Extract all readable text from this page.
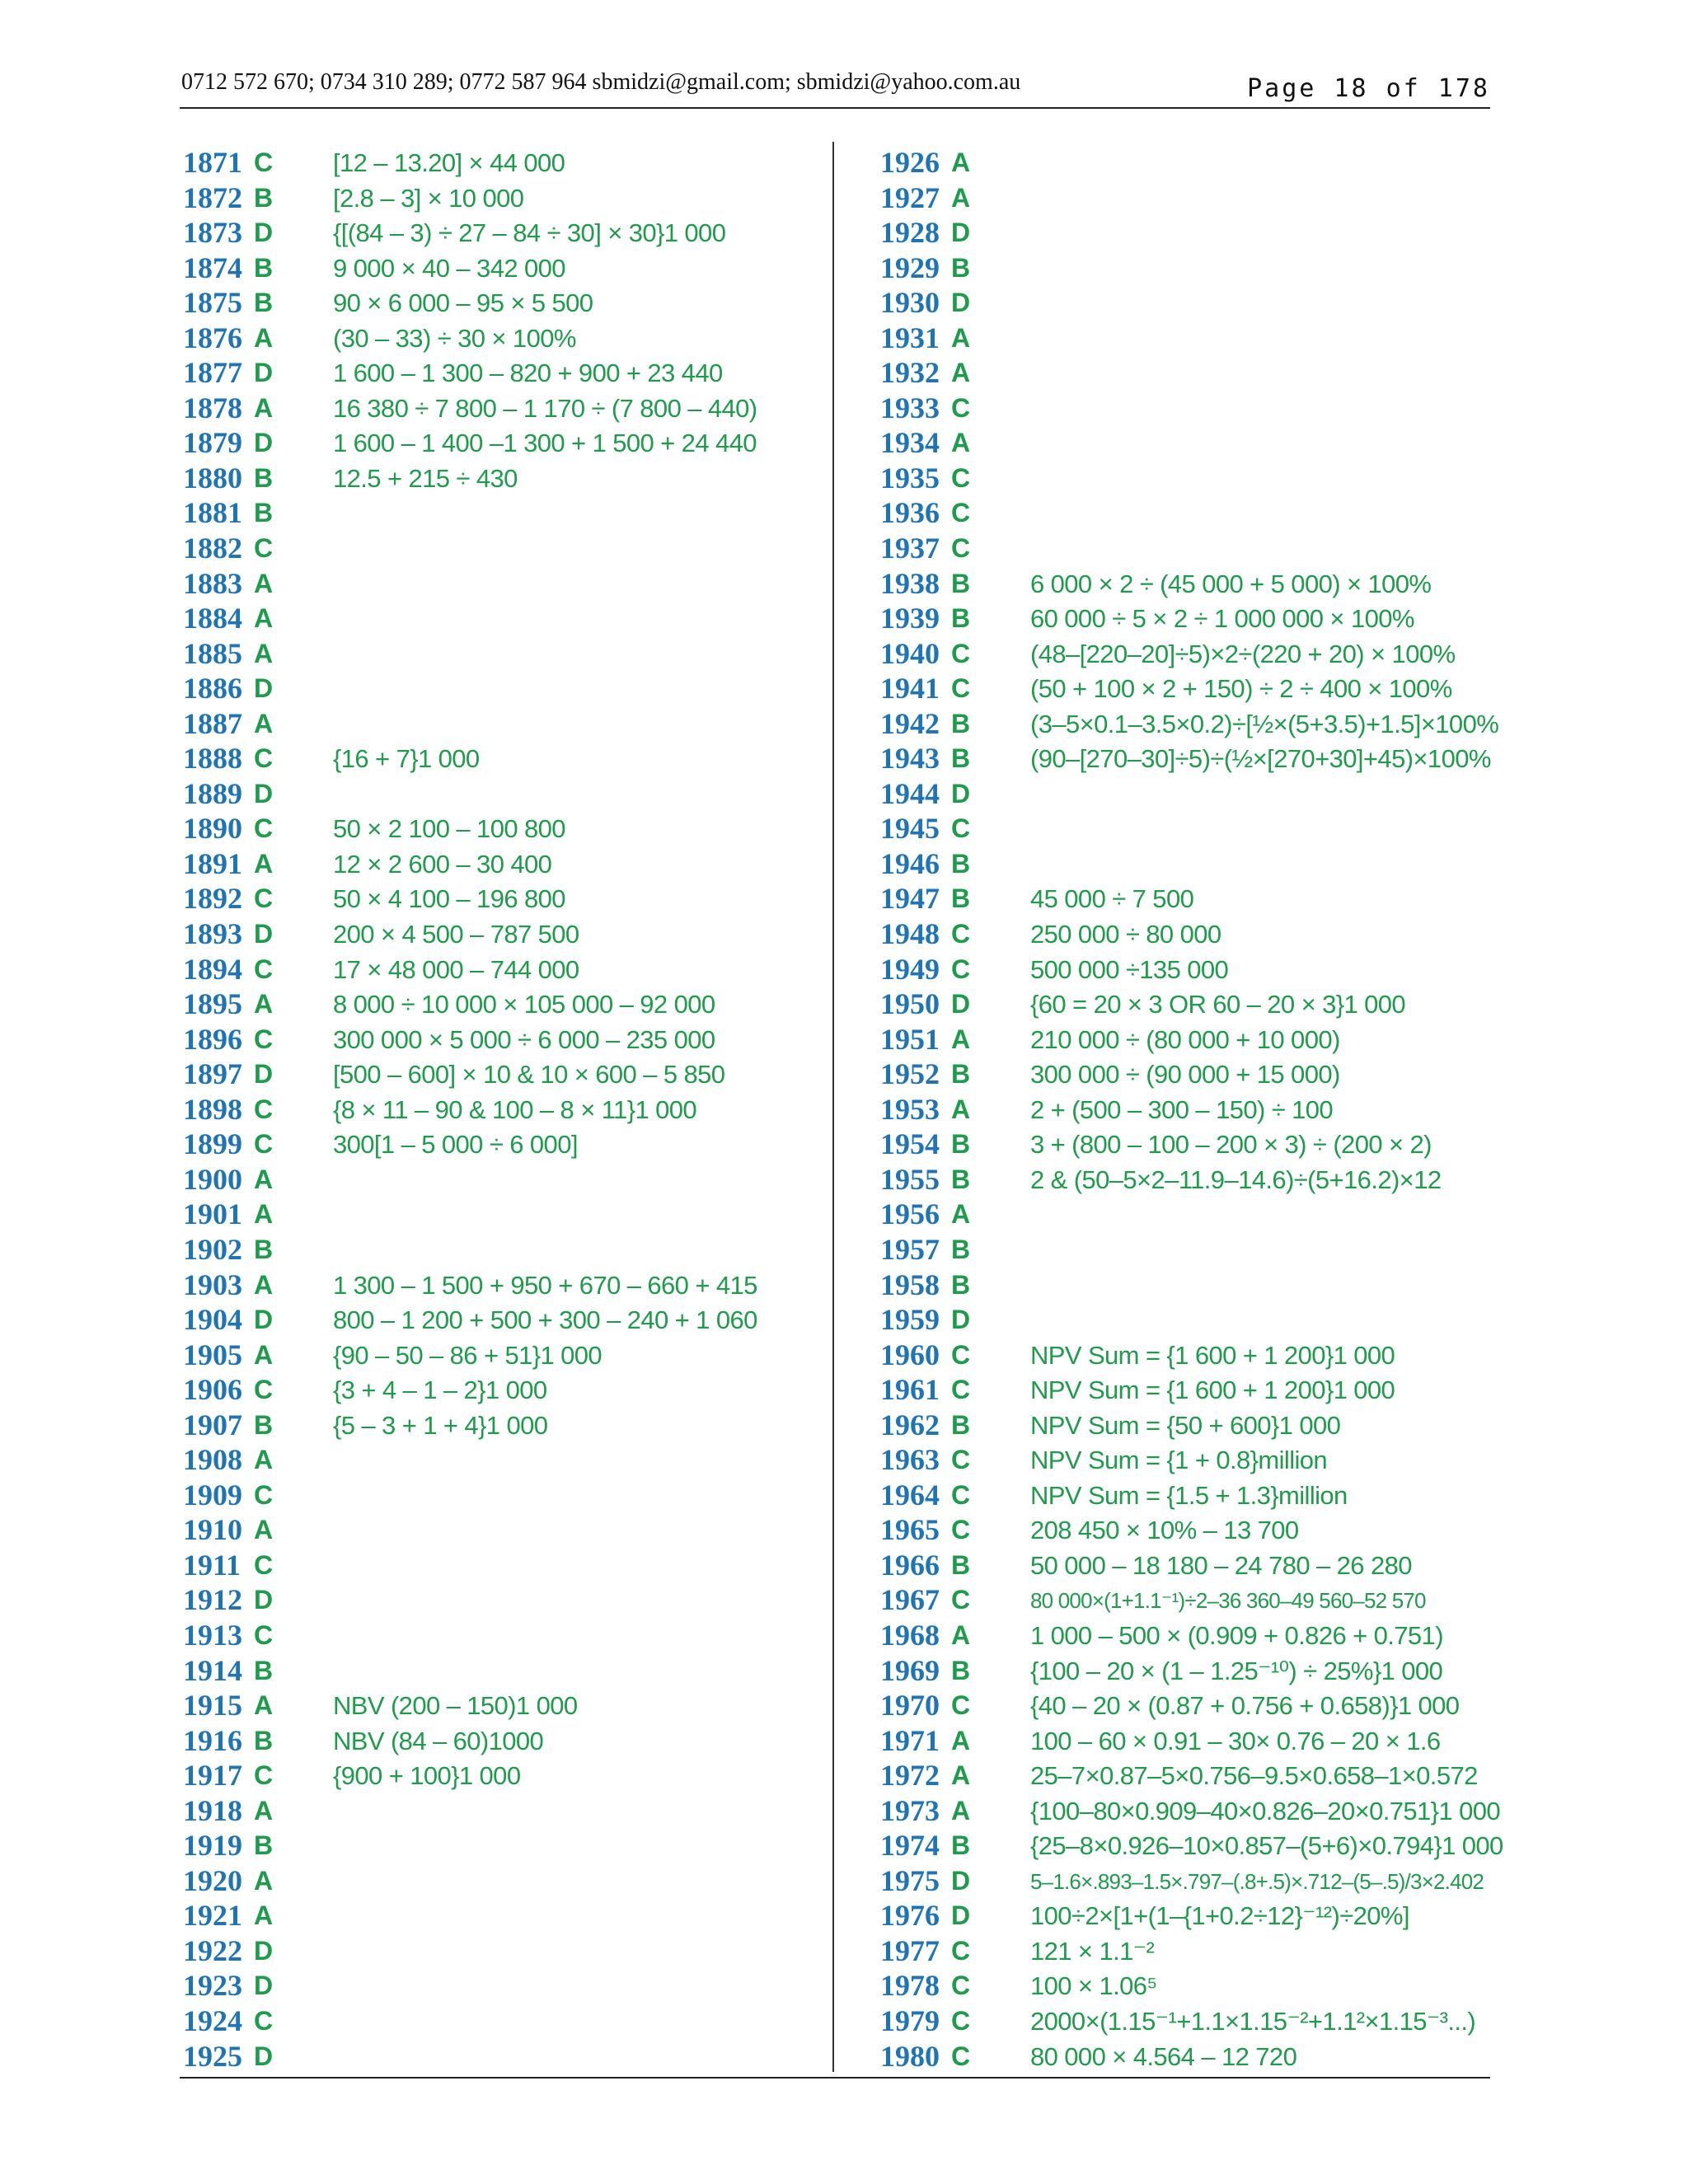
0712 572 670; 0734 310 289; 0772 587 964 sbmidzi@gmail.com; sbmidzi@yahoo.com.au	Page 18 of 178
1871 C [12 – 13.20] × 44 000
1872 B [2.8 – 3] × 10 000
1873 D {[(84 – 3) ÷ 27 – 84 ÷ 30] × 30}1 000
1874 B 9 000 × 40 – 342 000
1875 B 90 × 6 000 – 95 × 5 500
1876 A (30 – 33) ÷ 30 × 100%
1877 D 1 600 – 1 300 – 820 + 900 + 23 440
1878 A 16 380 ÷ 7 800 – 1 170 ÷ (7 800 – 440)
1879 D 1 600 – 1 400 –1 300 + 1 500 + 24 440
1880 B 12.5 + 215 ÷ 430
1881 B
1882 C
1883 A
1884 A
1885 A
1886 D
1887 A
1888 C {16 + 7}1 000
1889 D
1890 C 50 × 2 100 – 100 800
1891 A 12 × 2 600 – 30 400
1892 C 50 × 4 100 – 196 800
1893 D 200 × 4 500 – 787 500
1894 C 17 × 48 000 – 744 000
1895 A 8 000 ÷ 10 000 × 105 000 – 92 000
1896 C 300 000 × 5 000 ÷ 6 000 – 235 000
1897 D [500 – 600] × 10 & 10 × 600 – 5 850
1898 C {8 × 11 – 90 & 100 – 8 × 11}1 000
1899 C 300[1 – 5 000 ÷ 6 000]
1900 A
1901 A
1902 B
1903 A 1 300 – 1 500 + 950 + 670 – 660 + 415
1904 D 800 – 1 200 + 500 + 300 – 240 + 1 060
1905 A {90 – 50 – 86 + 51}1 000
1906 C {3 + 4 – 1 – 2}1 000
1907 B {5 – 3 + 1 + 4}1 000
1908 A
1909 C
1910 A
1911 C
1912 D
1913 C
1914 B
1915 A NBV (200 – 150)1 000
1916 B NBV (84 – 60)1000
1917 C {900 + 100}1 000
1918 A
1919 B
1920 A
1921 A
1922 D
1923 D
1924 C
1925 D
1926 A
1927 A
1928 D
1929 B
1930 D
1931 A
1932 A
1933 C
1934 A
1935 C
1936 C
1937 C
1938 B 6 000 × 2 ÷ (45 000 + 5 000) × 100%
1939 B 60 000 ÷ 5 × 2 ÷ 1 000 000 × 100%
1940 C (48–[220–20]÷5)×2÷(220 + 20) × 100%
1941 C (50 + 100 × 2 + 150) ÷ 2 ÷ 400 × 100%
1942 B (3–5×0.1–3.5×0.2)÷[½×(5+3.5)+1.5]×100%
1943 B (90–[270–30]÷5)÷(½×[270+30]+45)×100%
1944 D
1945 C
1946 B
1947 B 45 000 ÷ 7 500
1948 C 250 000 ÷ 80 000
1949 C 500 000 ÷135 000
1950 D {60 = 20 × 3 OR 60 – 20 × 3}1 000
1951 A 210 000 ÷ (80 000 + 10 000)
1952 B 300 000 ÷ (90 000 + 15 000)
1953 A 2 + (500 – 300 – 150) ÷ 100
1954 B 3 + (800 – 100 – 200 × 3) ÷ (200 × 2)
1955 B 2 & (50–5×2–11.9–14.6)÷(5+16.2)×12
1956 A
1957 B
1958 B
1959 D
1960 C NPV Sum = {1 600 + 1 200}1 000
1961 C NPV Sum = {1 600 + 1 200}1 000
1962 B NPV Sum = {50 + 600}1 000
1963 C NPV Sum = {1 + 0.8}million
1964 C NPV Sum = {1.5 + 1.3}million
1965 C 208 450 × 10% – 13 700
1966 B 50 000 – 18 180 – 24 780 – 26 280
1967 C	80 000×(1+1.1⁻¹)÷2–36 360–49 560–52 570
1968 A 1 000 – 500 × (0.909 + 0.826 + 0.751)
1969 B {100 – 20 × (1 – 1.25⁻¹⁰) ÷ 25%}1 000
1970 C {40 – 20 × (0.87 + 0.756 + 0.658)}1 000
1971 A 100 – 60 × 0.91 – 30× 0.76 – 20 × 1.6
1972 A 25–7×0.87–5×0.756–9.5×0.658–1×0.572
1973 A {100–80×0.909–40×0.826–20×0.751}1 000
1974 B {25–8×0.926–10×0.857–(5+6)×0.794}1 000
1975 D	5–1.6×.893–1.5×.797–(.8+.5)×.712–(5–.5)/3×2.402
1976 D 100÷2×[1+(1–{1+0.2÷12}⁻¹²)÷20%]
1977 C 121 × 1.1⁻²
1978 C 100 × 1.06⁵
1979 C 2000×(1.15⁻¹+1.1×1.15⁻²+1.1²×1.15⁻³...)
1980 C 80 000 × 4.564 – 12 720
